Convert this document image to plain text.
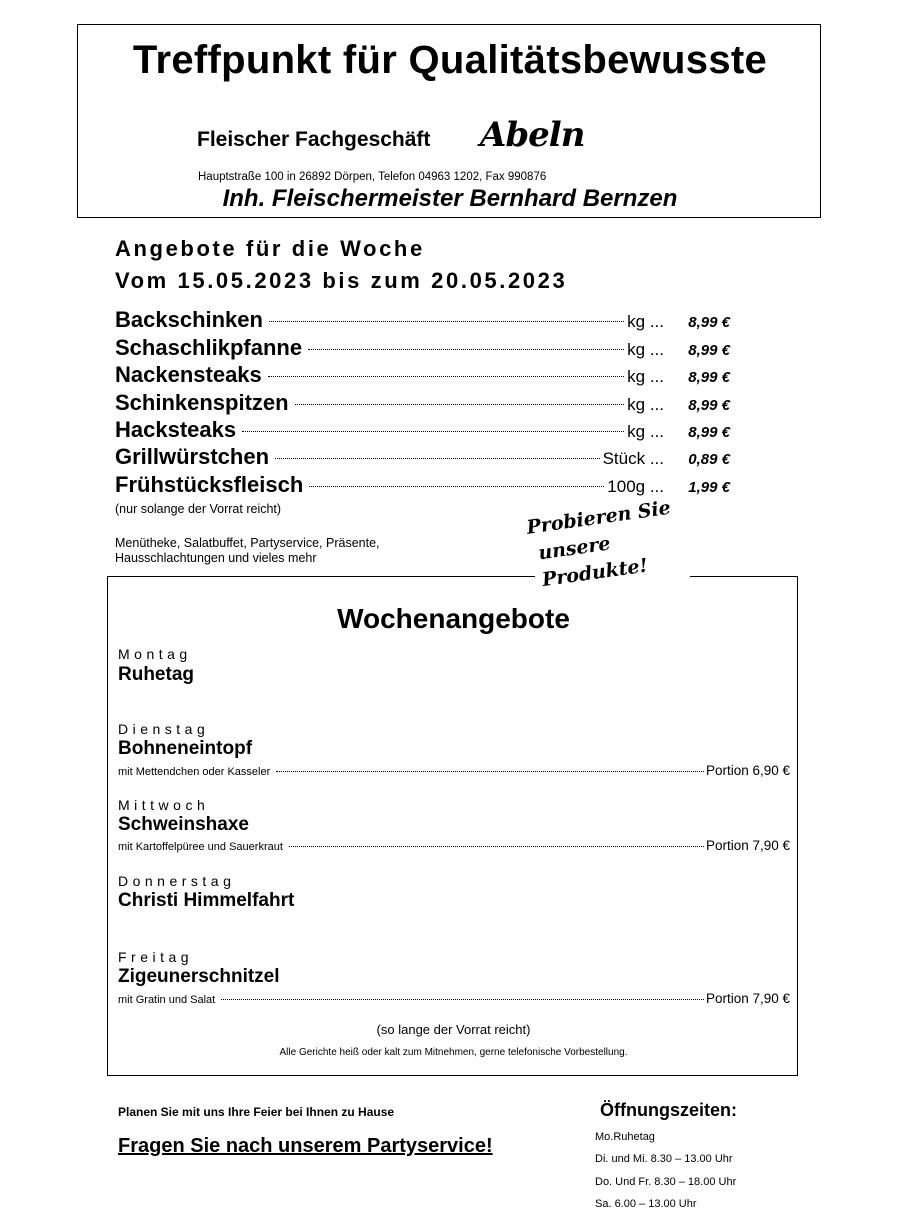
Treffpunkt für Qualitätsbewusste
Fleischer Fachgeschäft Abeln
Hauptstraße 100 in 26892 Dörpen, Telefon 04963 1202, Fax 990876
Inh. Fleischermeister Bernhard Bernzen
Angebote für die Woche
Vom 15.05.2023 bis zum 20.05.2023
Backschinken	kg ...	8,99 €
Schaschlikpfanne	kg ...	8,99 €
Nackensteaks	kg ...	8,99 €
Schinkenspitzen	kg ...	8,99 €
Hacksteaks	kg ...	8,99 €
Grillwürstchen	Stück ...	0,89 €
Frühstücksfleisch	100g ...	1,99 €
(nur solange der Vorrat reicht)
Menütheke, Salatbuffet, Partyservice, Präsente, Hausschlachtungen und vieles mehr
Probieren Sie
unsere Produkte!
Wochenangebote
Montag
Ruhetag
Dienstag
Bohneneintopf
mit Mettendchen oder Kasseler	Portion 6,90 €
Mittwoch
Schweinshaxe
mit Kartoffelpüree und Sauerkraut	Portion 7,90 €
Donnerstag
Christi Himmelfahrt
Freitag
Zigeunerschnitzel
mit Gratin und Salat	Portion 7,90 €
(so lange der Vorrat reicht)
Alle Gerichte heiß oder kalt zum Mitnehmen, gerne telefonische Vorbestellung.
Planen Sie mit uns Ihre Feier bei Ihnen zu Hause
Fragen Sie nach unserem Partyservice!
Öffnungszeiten:
Mo.Ruhetag
Di. und Mi. 8.30 – 13.00 Uhr
Do. Und Fr. 8.30 – 18.00 Uhr
Sa. 6.00 – 13.00 Uhr
